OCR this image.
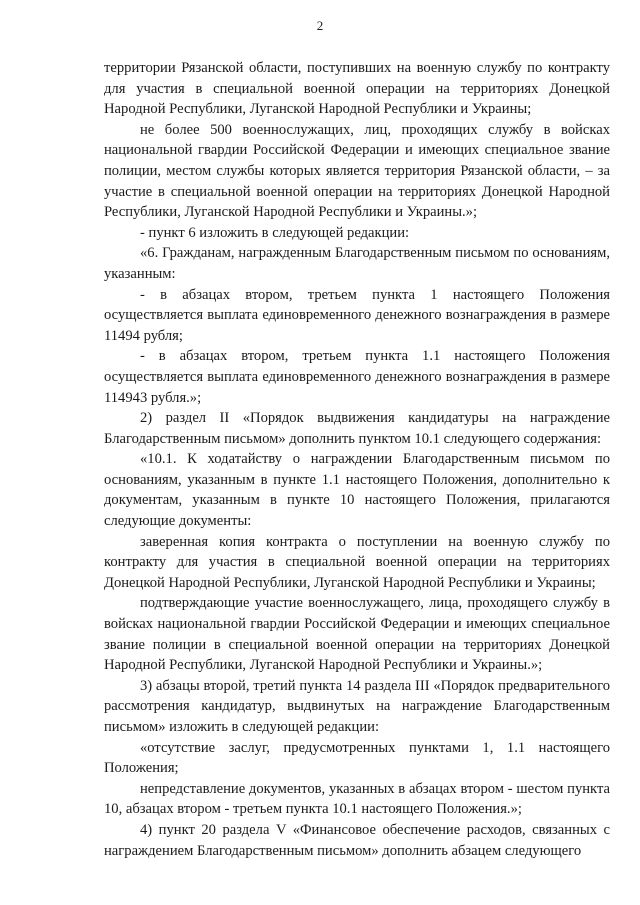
2

территории Рязанской области, поступивших на военную службу по контракту для участия в специальной военной операции на территориях Донецкой Народной Республики, Луганской Народной Республики и Украины;

не более 500 военнослужащих, лиц, проходящих службу в войсках национальной гвардии Российской Федерации и имеющих специальное звание полиции, местом службы которых является территория Рязанской области, – за участие в специальной военной операции на территориях Донецкой Народной Республики, Луганской Народной Республики и Украины.»;

- пункт 6 изложить в следующей редакции:

«6. Гражданам, награжденным Благодарственным письмом по основаниям, указанным:

- в абзацах втором, третьем пункта 1 настоящего Положения осуществляется выплата единовременного денежного вознаграждения в размере 11494 рубля;

- в абзацах втором, третьем пункта 1.1 настоящего Положения осуществляется выплата единовременного денежного вознаграждения в размере 114943 рубля.»;

2) раздел II «Порядок выдвижения кандидатуры на награждение Благодарственным письмом» дополнить пунктом 10.1 следующего содержания:

«10.1. К ходатайству о награждении Благодарственным письмом по основаниям, указанным в пункте 1.1 настоящего Положения, дополнительно к документам, указанным в пункте 10 настоящего Положения, прилагаются следующие документы:

заверенная копия контракта о поступлении на военную службу по контракту для участия в специальной военной операции на территориях Донецкой Народной Республики, Луганской Народной Республики и Украины;

подтверждающие участие военнослужащего, лица, проходящего службу в войсках национальной гвардии Российской Федерации и имеющих специальное звание полиции в специальной военной операции на территориях Донецкой Народной Республики, Луганской Народной Республики и Украины.»;

3) абзацы второй, третий пункта 14 раздела III «Порядок предварительного рассмотрения кандидатур, выдвинутых на награждение Благодарственным письмом» изложить в следующей редакции:

«отсутствие заслуг, предусмотренных пунктами 1, 1.1 настоящего Положения;

непредставление документов, указанных в абзацах втором - шестом пункта 10, абзацах втором - третьем пункта 10.1 настоящего Положения.»;

4) пункт 20 раздела V «Финансовое обеспечение расходов, связанных с награждением Благодарственным письмом» дополнить абзацем следующего
